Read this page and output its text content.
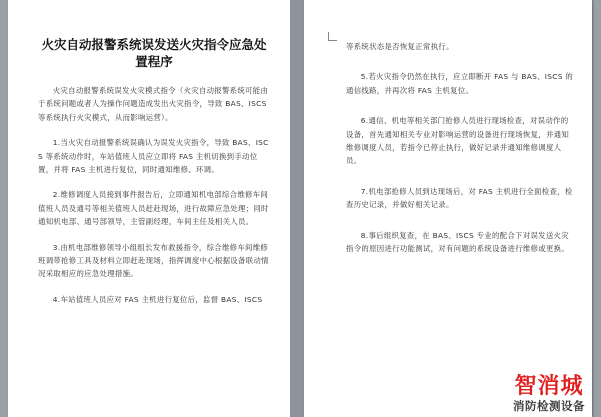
火灾自动报警系统误发送火灾指令应急处置程序

火灾自动报警系统误发火灾模式指令（火灾自动报警系统可能由于系统问题或者人为操作问题造成发出火灾指令，导致 BAS、ISCS 等系统执行火灾模式，从而影响运营）。

1.当火灾自动报警系统误确认为误发火灾指令，导致 BAS、ISCS 等系统动作时，车站值班人员应立即将 FAS 主机切换到手动位置，并将 FAS 主机进行复位，同时通知维修、环调。

2.维修调度人员接到事件报告后，立即通知机电部综合维修车间值班人员及通号等相关值班人员赶赴现场，进行故障应急处理；同时通知机电部、通号部领导，主管副经理，车间主任及相关人员。

3.由机电部维修领导小组组长发布救援指令，综合维修车间维修班调带抢修工具及材料立即赶赴现场，指挥调度中心根据设备联动情况采取相应的应急处理措施。

4.车站值班人员应对 FAS 主机进行复位后，监督 BAS、ISCS

等系统状态是否恢复正常执行。

5.若火灾指令仍然在执行，应立即断开 FAS 与 BAS、ISCS 的通信线路，并再次将 FAS 主机复位。

6.通信、机电等相关部门抢修人员进行现场检查，对误动作的设备，首先通知相关专业对影响运营的设备进行现场恢复，并通知维修调度人员，若指令已停止执行，做好记录并通知维修调度人员。

7.机电部抢修人员到达现场后，对 FAS 主机进行全面检查，检查历史记录，并做好相关记录。

8.事后组织复查，在 BAS、ISCS 专业的配合下对误发送火灾指令的原因进行功能测试，对有问题的系统设备进行维修或更换。

智消城
消防检测设备
